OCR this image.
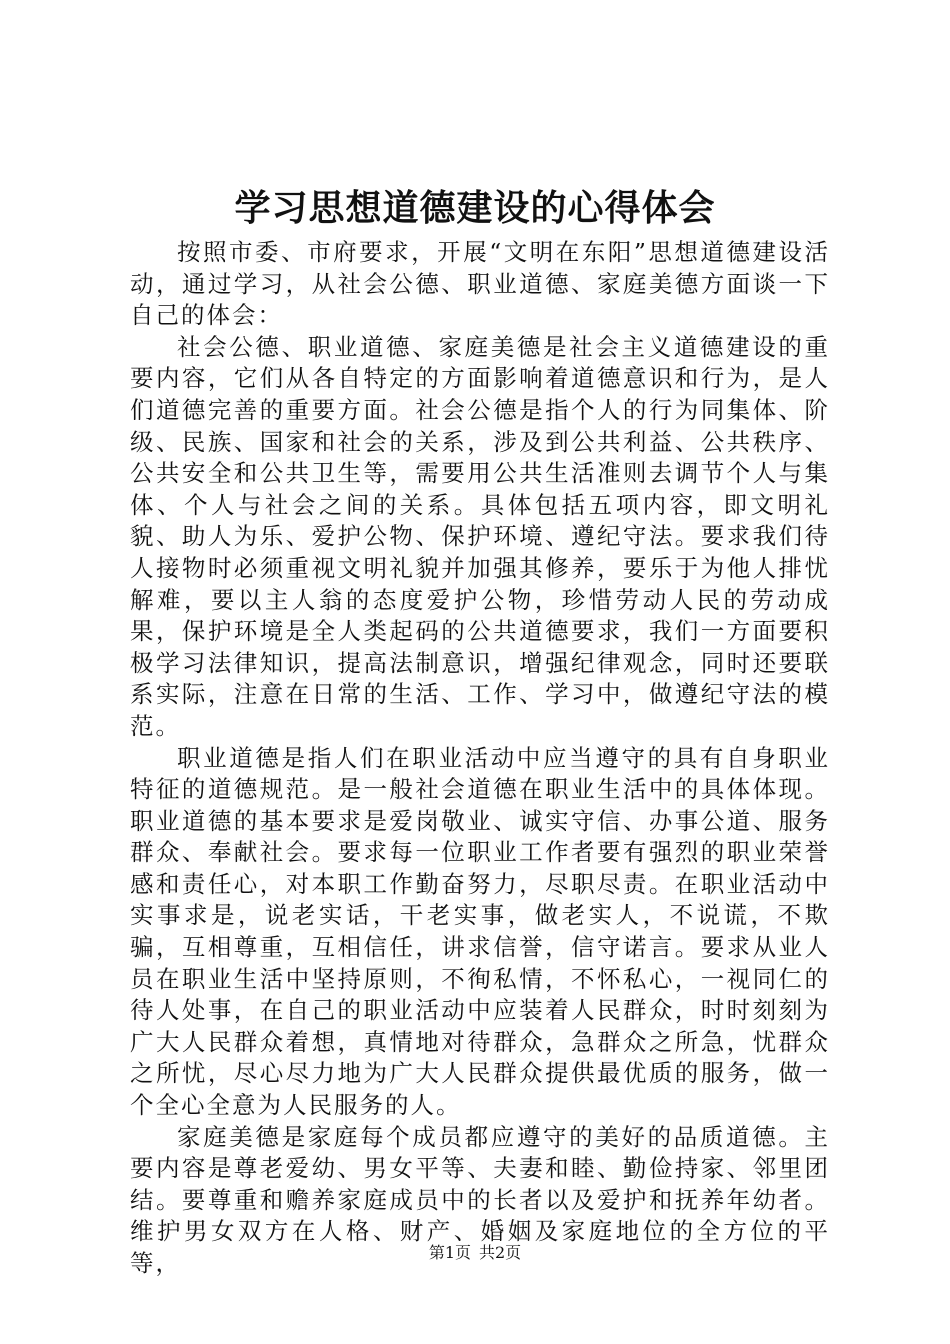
学习思想道德建设的心得体会

按照市委、市府要求，开展“文明在东阳”思想道德建设活动，通过学习，从社会公德、职业道德、家庭美德方面谈一下自己的体会：

社会公德、职业道德、家庭美德是社会主义道德建设的重要内容，它们从各自特定的方面影响着道德意识和行为，是人们道德完善的重要方面。社会公德是指个人的行为同集体、阶级、民族、国家和社会的关系，涉及到公共利益、公共秩序、公共安全和公共卫生等，需要用公共生活准则去调节个人与集体、个人与社会之间的关系。具体包括五项内容，即文明礼貌、助人为乐、爱护公物、保护环境、遵纪守法。要求我们待人接物时必须重视文明礼貌并加强其修养，要乐于为他人排忧解难，要以主人翁的态度爱护公物，珍惜劳动人民的劳动成果，保护环境是全人类起码的公共道德要求，我们一方面要积极学习法律知识，提高法制意识，增强纪律观念，同时还要联系实际，注意在日常的生活、工作、学习中，做遵纪守法的模范。

职业道德是指人们在职业活动中应当遵守的具有自身职业特征的道德规范。是一般社会道德在职业生活中的具体体现。职业道德的基本要求是爱岗敬业、诚实守信、办事公道、服务群众、奉献社会。要求每一位职业工作者要有强烈的职业荣誉感和责任心，对本职工作勤奋努力，尽职尽责。在职业活动中实事求是，说老实话，干老实事，做老实人，不说谎，不欺骗，互相尊重，互相信任，讲求信誉，信守诺言。要求从业人员在职业生活中坚持原则，不徇私情，不怀私心，一视同仁的待人处事，在自己的职业活动中应装着人民群众，时时刻刻为广大人民群众着想，真情地对待群众，急群众之所急，忧群众之所忧，尽心尽力地为广大人民群众提供最优质的服务，做一个全心全意为人民服务的人。

家庭美德是家庭每个成员都应遵守的美好的品质道德。主要内容是尊老爱幼、男女平等、夫妻和睦、勤俭持家、邻里团结。要尊重和赡养家庭成员中的长者以及爱护和抚养年幼者。维护男女双方在人格、财产、婚姻及家庭地位的全方位的平等，	第1页 共2页
